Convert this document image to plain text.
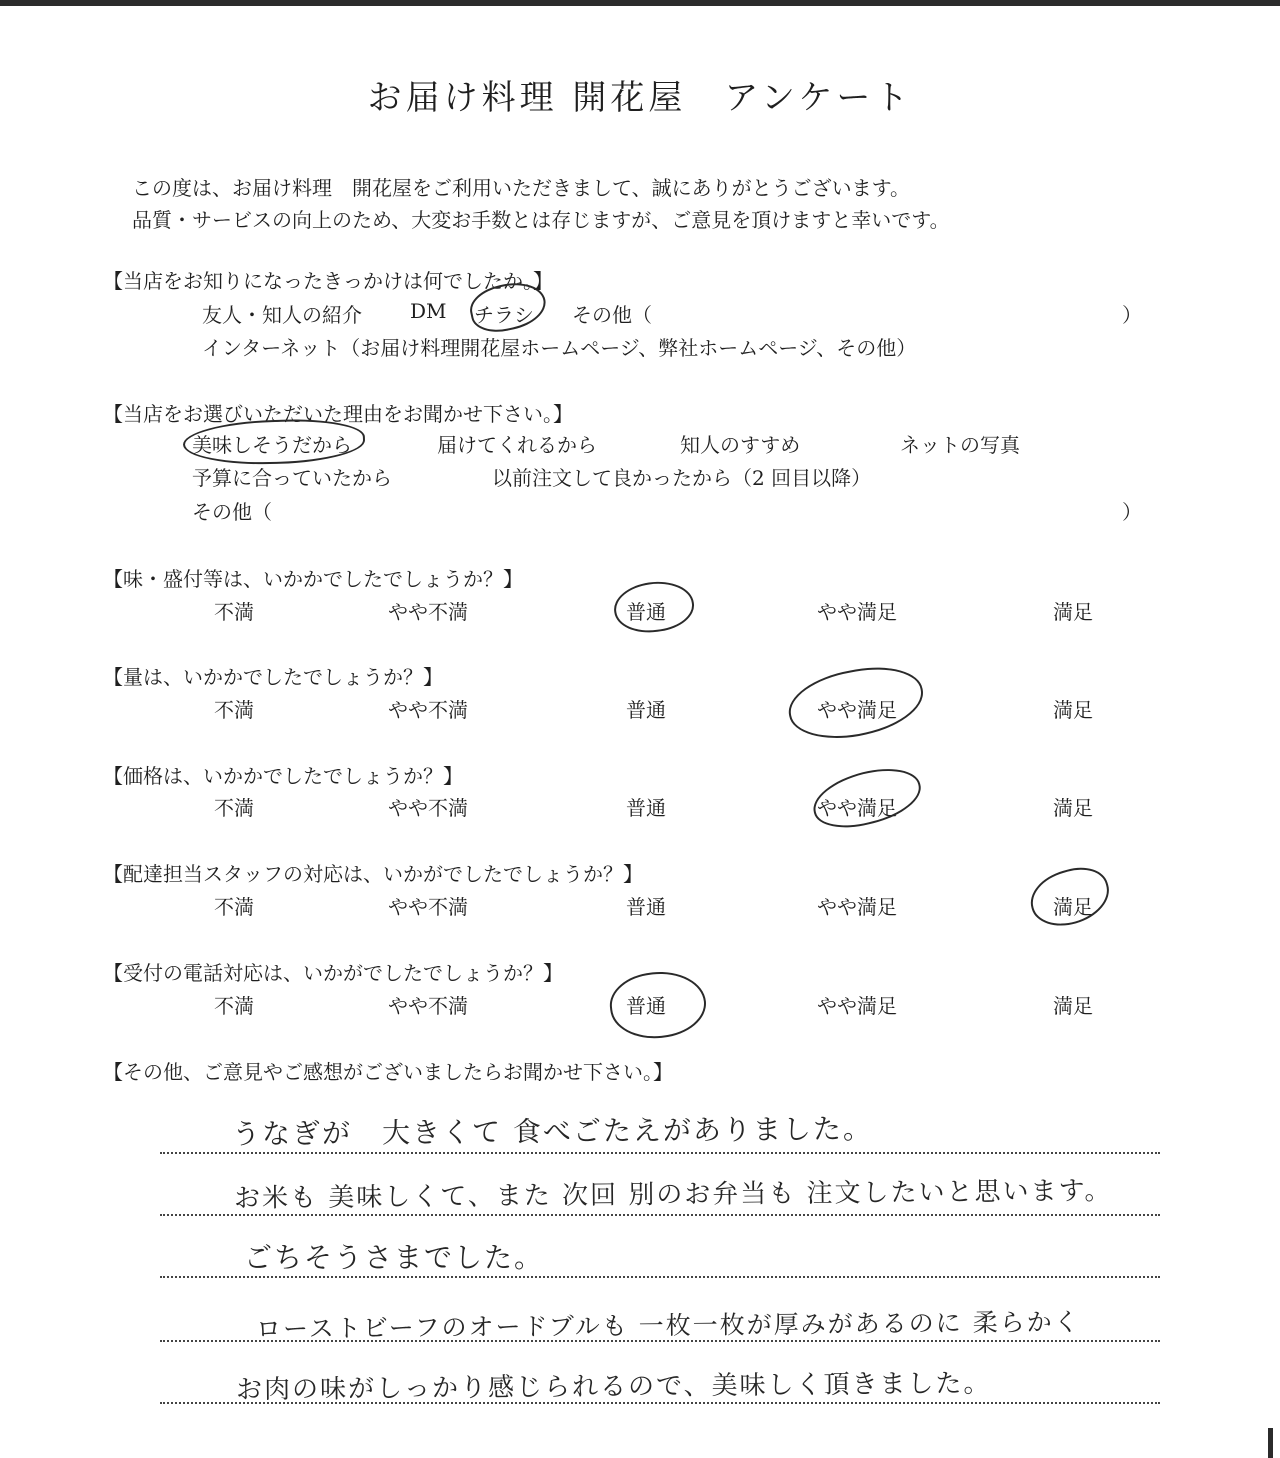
お届け料理 開花屋　アンケート
この度は、お届け料理　開花屋をご利用いただきまして、誠にありがとうございます。
品質・サービスの向上のため、大変お手数とは存じますが、ご意見を頂けますと幸いです。
【当店をお知りになったきっかけは何でしたか。】
友人・知人の紹介 DM チラシ その他（	）
インターネット（お届け料理開花屋ホームページ、弊社ホームページ、その他）
【当店をお選びいただいた理由をお聞かせ下さい。】
美味しそうだから	届けてくれるから	知人のすすめ	ネットの写真
予算に合っていたから	以前注文して良かったから（2 回目以降）
その他（	）
【味・盛付等は、いかかでしたでしょうか？】
不満	やや不満	普通	やや満足	満足
【量は、いかかでしたでしょうか？】
不満	やや不満	普通	やや満足	満足
【価格は、いかかでしたでしょうか？】
不満	やや不満	普通	やや満足	満足
【配達担当スタッフの対応は、いかがでしたでしょうか？】
不満	やや不満	普通	やや満足	満足
【受付の電話対応は、いかがでしたでしょうか？】
不満	やや不満	普通	やや満足	満足
【その他、ご意見やご感想がございましたらお聞かせ下さい。】
うなぎが　大きくて 食べごたえがありました。
お米も 美味しくて、また 次回 別のお弁当も 注文したいと思います。
ごちそうさまでした。
ローストビーフのオードブルも 一枚一枚が厚みがあるのに 柔らかく
お肉の味がしっかり感じられるので、美味しく頂きました。
